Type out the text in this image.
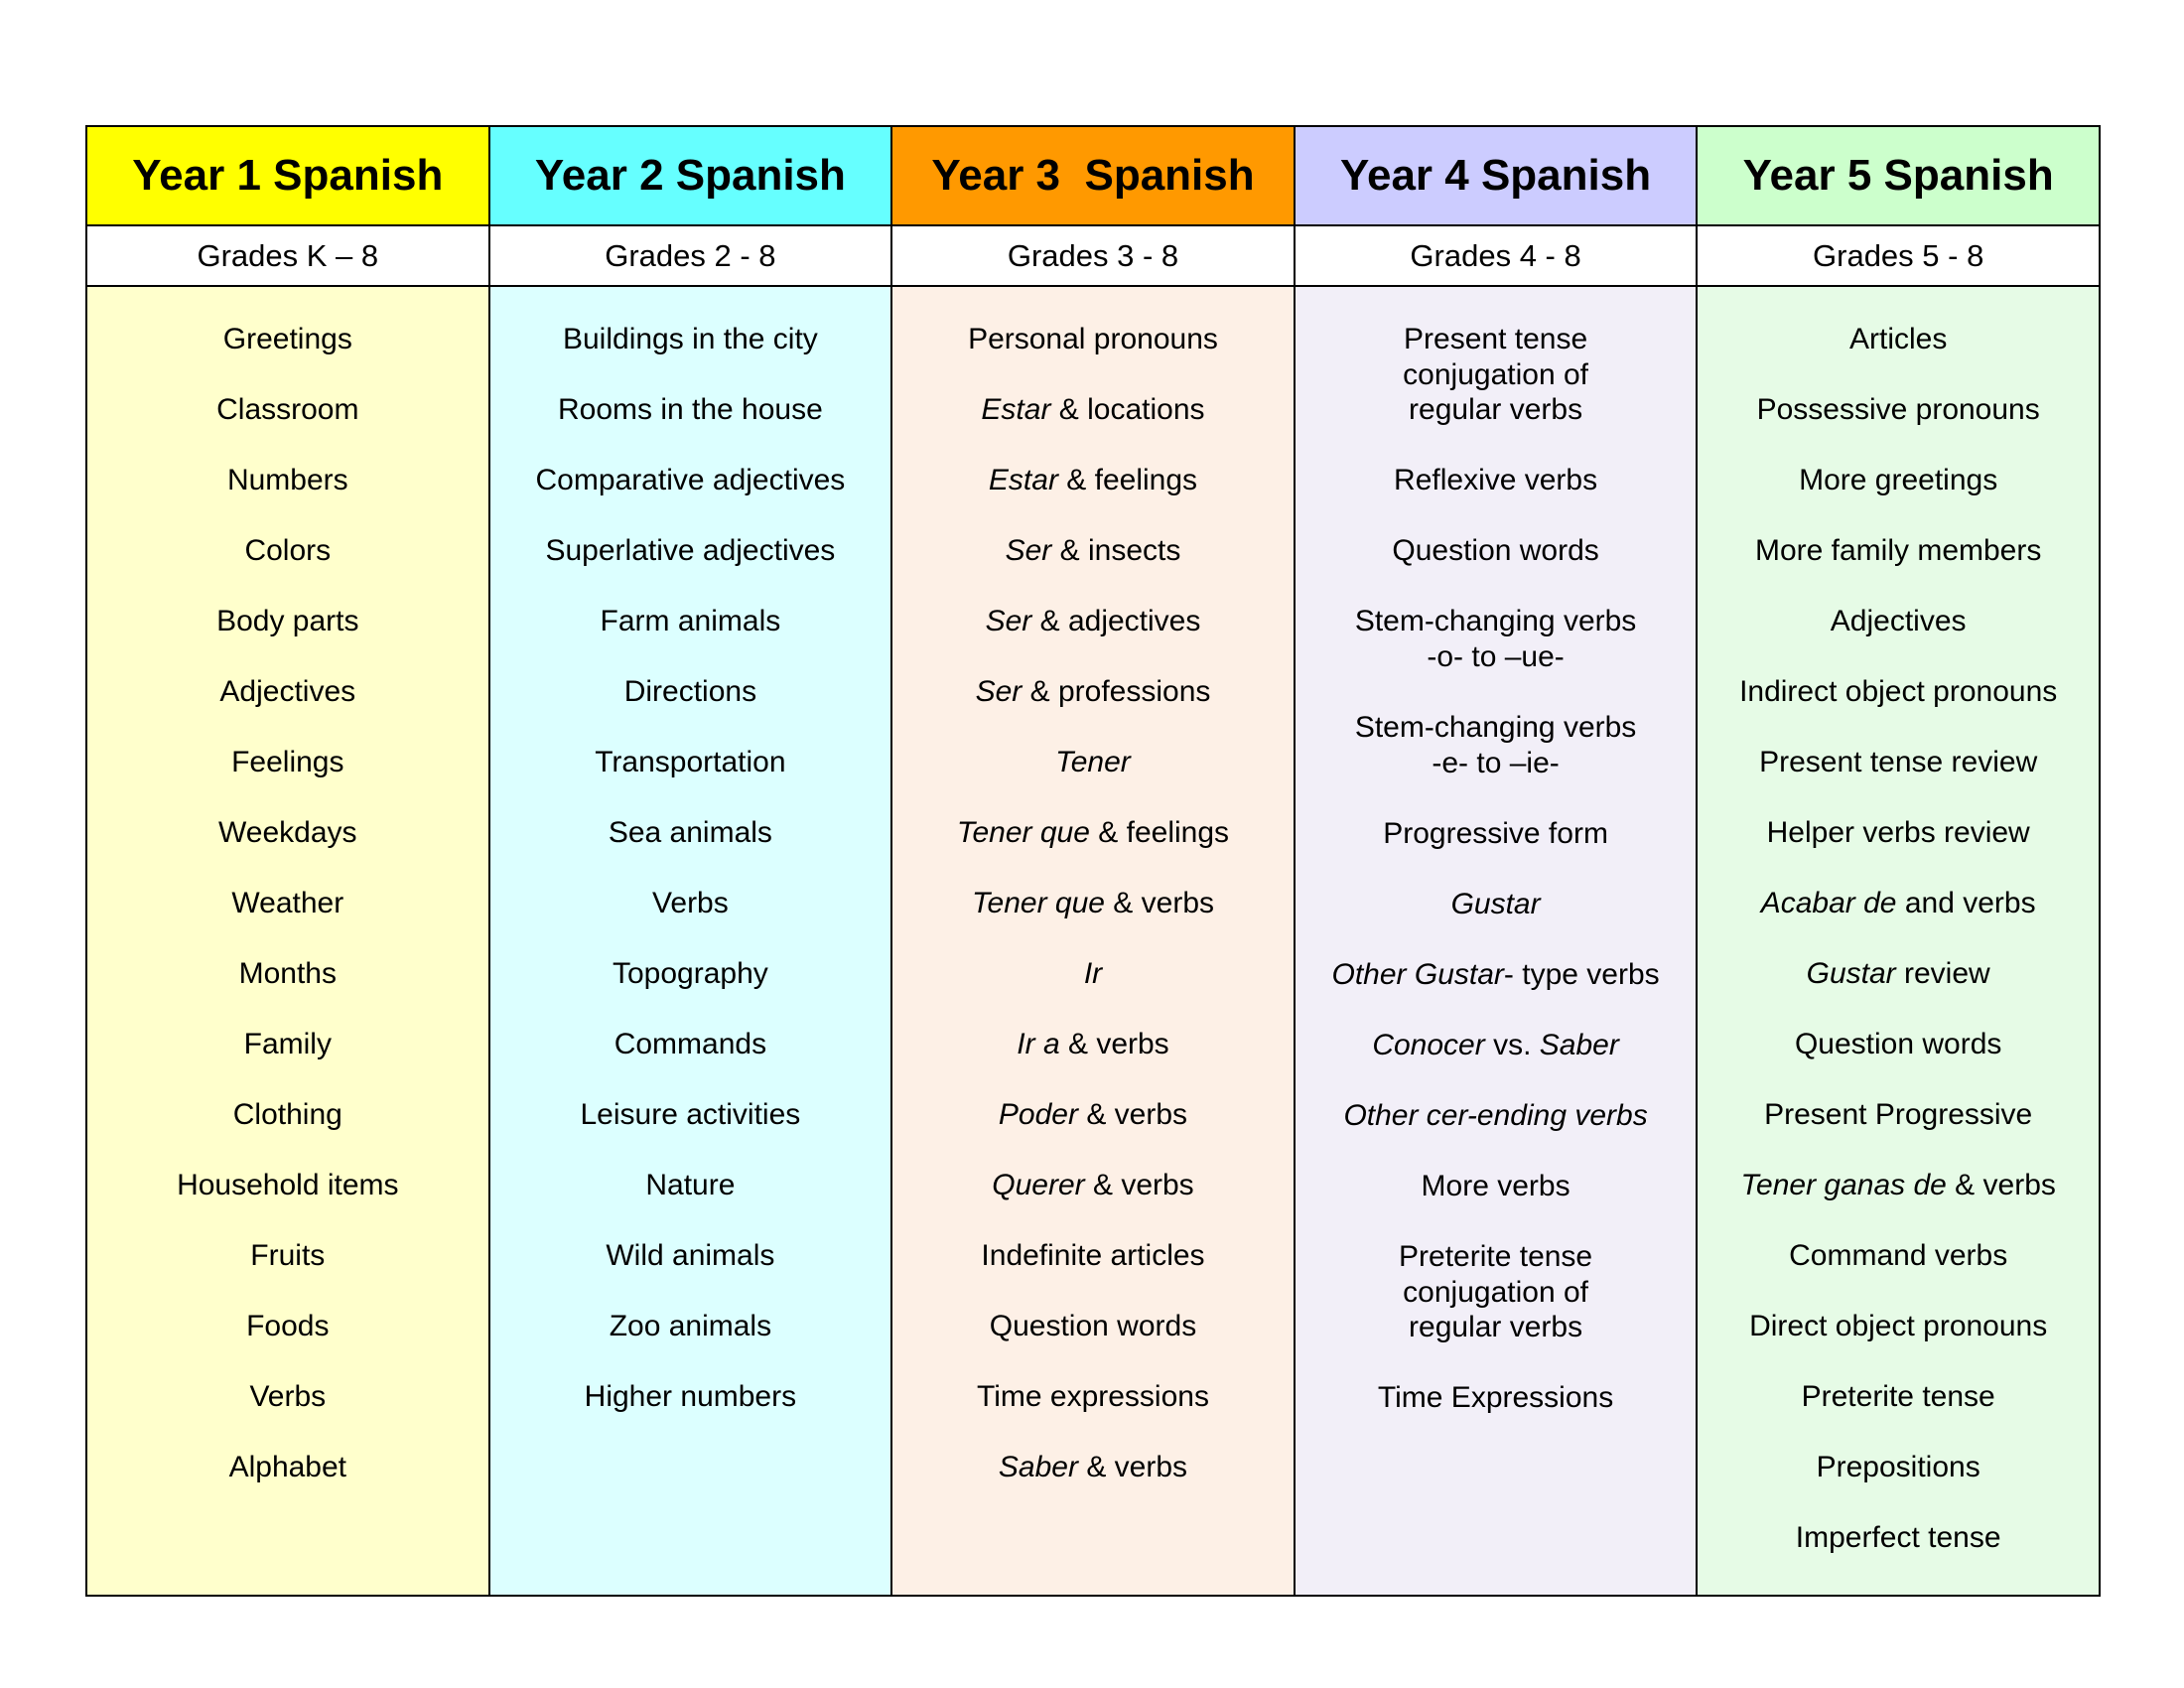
Year 1 Spanish
Grades K – 8
Greetings
Classroom
Numbers
Colors
Body parts
Adjectives
Feelings
Weekdays
Weather
Months
Family
Clothing
Household items
Fruits
Foods
Verbs
Alphabet
Year 2 Spanish
Grades 2 - 8
Buildings in the city
Rooms in the house
Comparative adjectives
Superlative adjectives
Farm animals
Directions
Transportation
Sea animals
Verbs
Topography
Commands
Leisure activities
Nature
Wild animals
Zoo animals
Higher numbers
Year 3  Spanish
Grades 3 - 8
Personal pronouns
Estar & locations
Estar & feelings
Ser & insects
Ser & adjectives
Ser & professions
Tener
Tener que & feelings
Tener que & verbs
Ir
Ir a & verbs
Poder & verbs
Querer & verbs
Indefinite articles
Question words
Time expressions
Saber & verbs
Year 4 Spanish
Grades 4 - 8
Present tense
conjugation of
regular verbs
Reflexive verbs
Question words
Stem-changing verbs
-o- to –ue-
Stem-changing verbs
-e- to –ie-
Progressive form
Gustar
Other Gustar- type verbs
Conocer vs. Saber
Other cer-ending verbs
More verbs
Preterite tense
conjugation of
regular verbs
Time Expressions
Year 5 Spanish
Grades 5 - 8
Articles
Possessive pronouns
More greetings
More family members
Adjectives
Indirect object pronouns
Present tense review
Helper verbs review
Acabar de and verbs
Gustar review
Question words
Present Progressive
Tener ganas de & verbs
Command verbs
Direct object pronouns
Preterite tense
Prepositions
Imperfect tense
